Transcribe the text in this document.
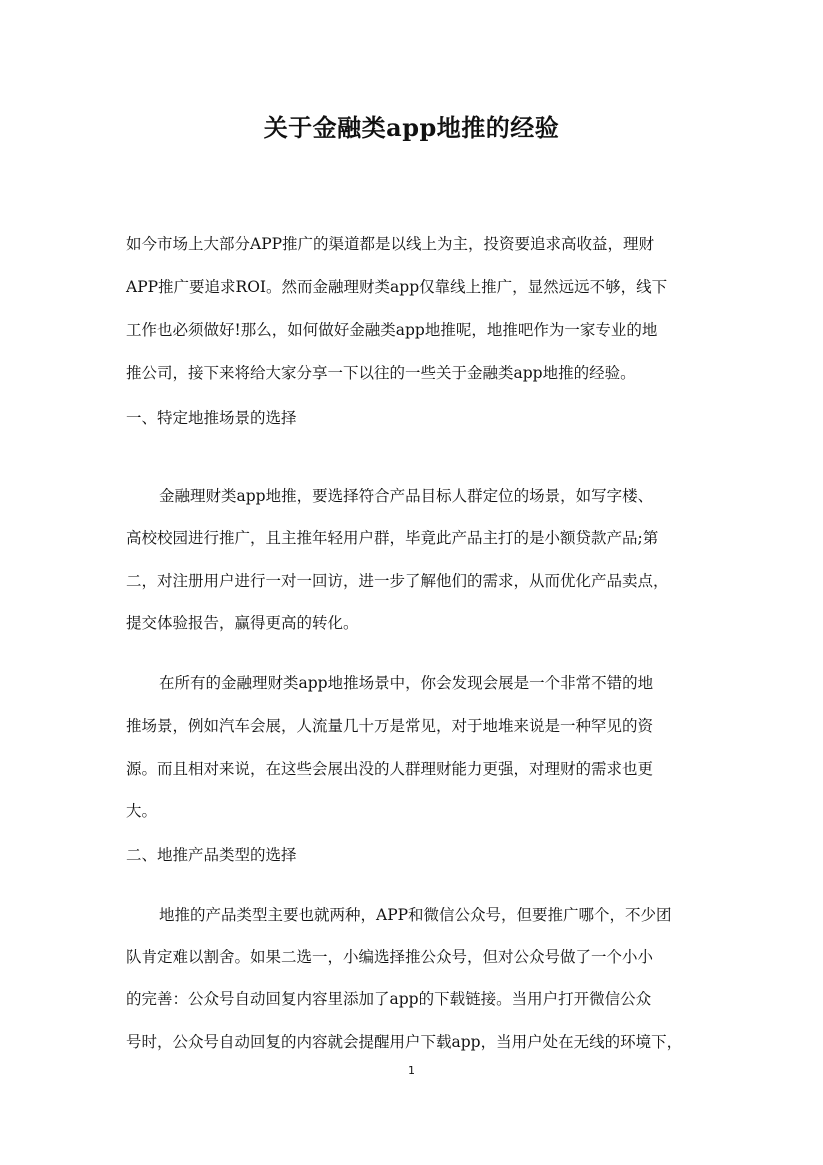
关于金融类app地推的经验
如今市场上大部分APP推广的渠道都是以线上为主，投资要追求高收益，理财
APP推广要追求ROI。然而金融理财类app仅靠线上推广，显然远远不够，线下
工作也必须做好!那么，如何做好金融类app地推呢，地推吧作为一家专业的地
推公司，接下来将给大家分享一下以往的一些关于金融类app地推的经验。
一、特定地推场景的选择
金融理财类app地推，要选择符合产品目标人群定位的场景，如写字楼、
高校校园进行推广，且主推年轻用户群，毕竟此产品主打的是小额贷款产品;第
二，对注册用户进行一对一回访，进一步了解他们的需求，从而优化产品卖点，
提交体验报告，赢得更高的转化。
在所有的金融理财类app地推场景中，你会发现会展是一个非常不错的地
推场景，例如汽车会展，人流量几十万是常见，对于地堆来说是一种罕见的资
源。而且相对来说，在这些会展出没的人群理财能力更强，对理财的需求也更
大。
二、地推产品类型的选择
地推的产品类型主要也就两种，APP和微信公众号，但要推广哪个，不少团
队肯定难以割舍。如果二选一，小编选择推公众号，但对公众号做了一个小小
的完善：公众号自动回复内容里添加了app的下载链接。当用户打开微信公众
号时，公众号自动回复的内容就会提醒用户下载app，当用户处在无线的环境下，
1
